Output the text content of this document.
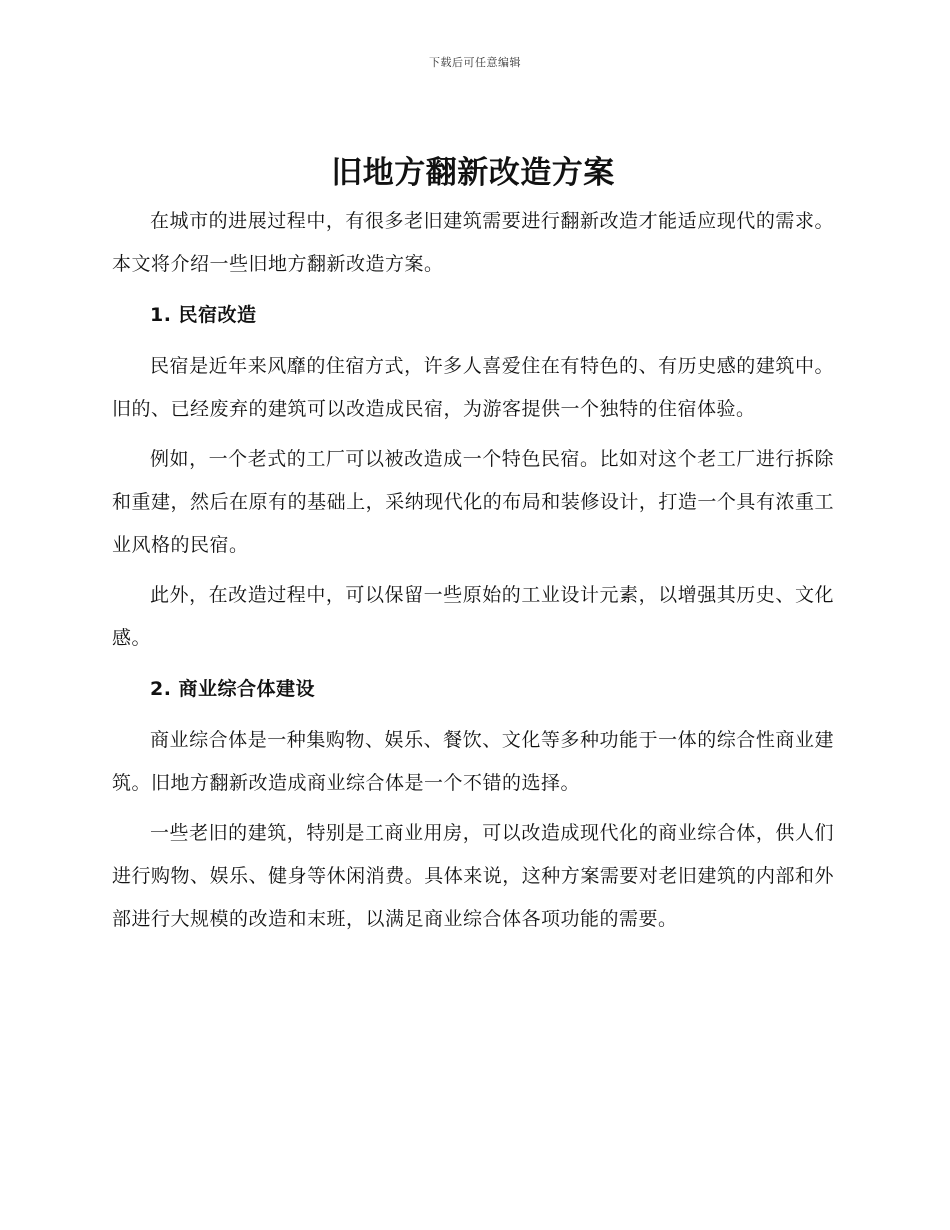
下载后可任意编辑
旧地方翻新改造方案

在城市的进展过程中，有很多老旧建筑需要进行翻新改造才能适应现代的需求。本文将介绍一些旧地方翻新改造方案。

1. 民宿改造

民宿是近年来风靡的住宿方式，许多人喜爱住在有特色的、有历史感的建筑中。旧的、已经废弃的建筑可以改造成民宿，为游客提供一个独特的住宿体验。

例如，一个老式的工厂可以被改造成一个特色民宿。比如对这个老工厂进行拆除和重建，然后在原有的基础上，采纳现代化的布局和装修设计，打造一个具有浓重工业风格的民宿。

此外，在改造过程中，可以保留一些原始的工业设计元素，以增强其历史、文化感。

2. 商业综合体建设

商业综合体是一种集购物、娱乐、餐饮、文化等多种功能于一体的综合性商业建筑。旧地方翻新改造成商业综合体是一个不错的选择。

一些老旧的建筑，特别是工商业用房，可以改造成现代化的商业综合体，供人们进行购物、娱乐、健身等休闲消费。具体来说，这种方案需要对老旧建筑的内部和外部进行大规模的改造和末班，以满足商业综合体各项功能的需要。
